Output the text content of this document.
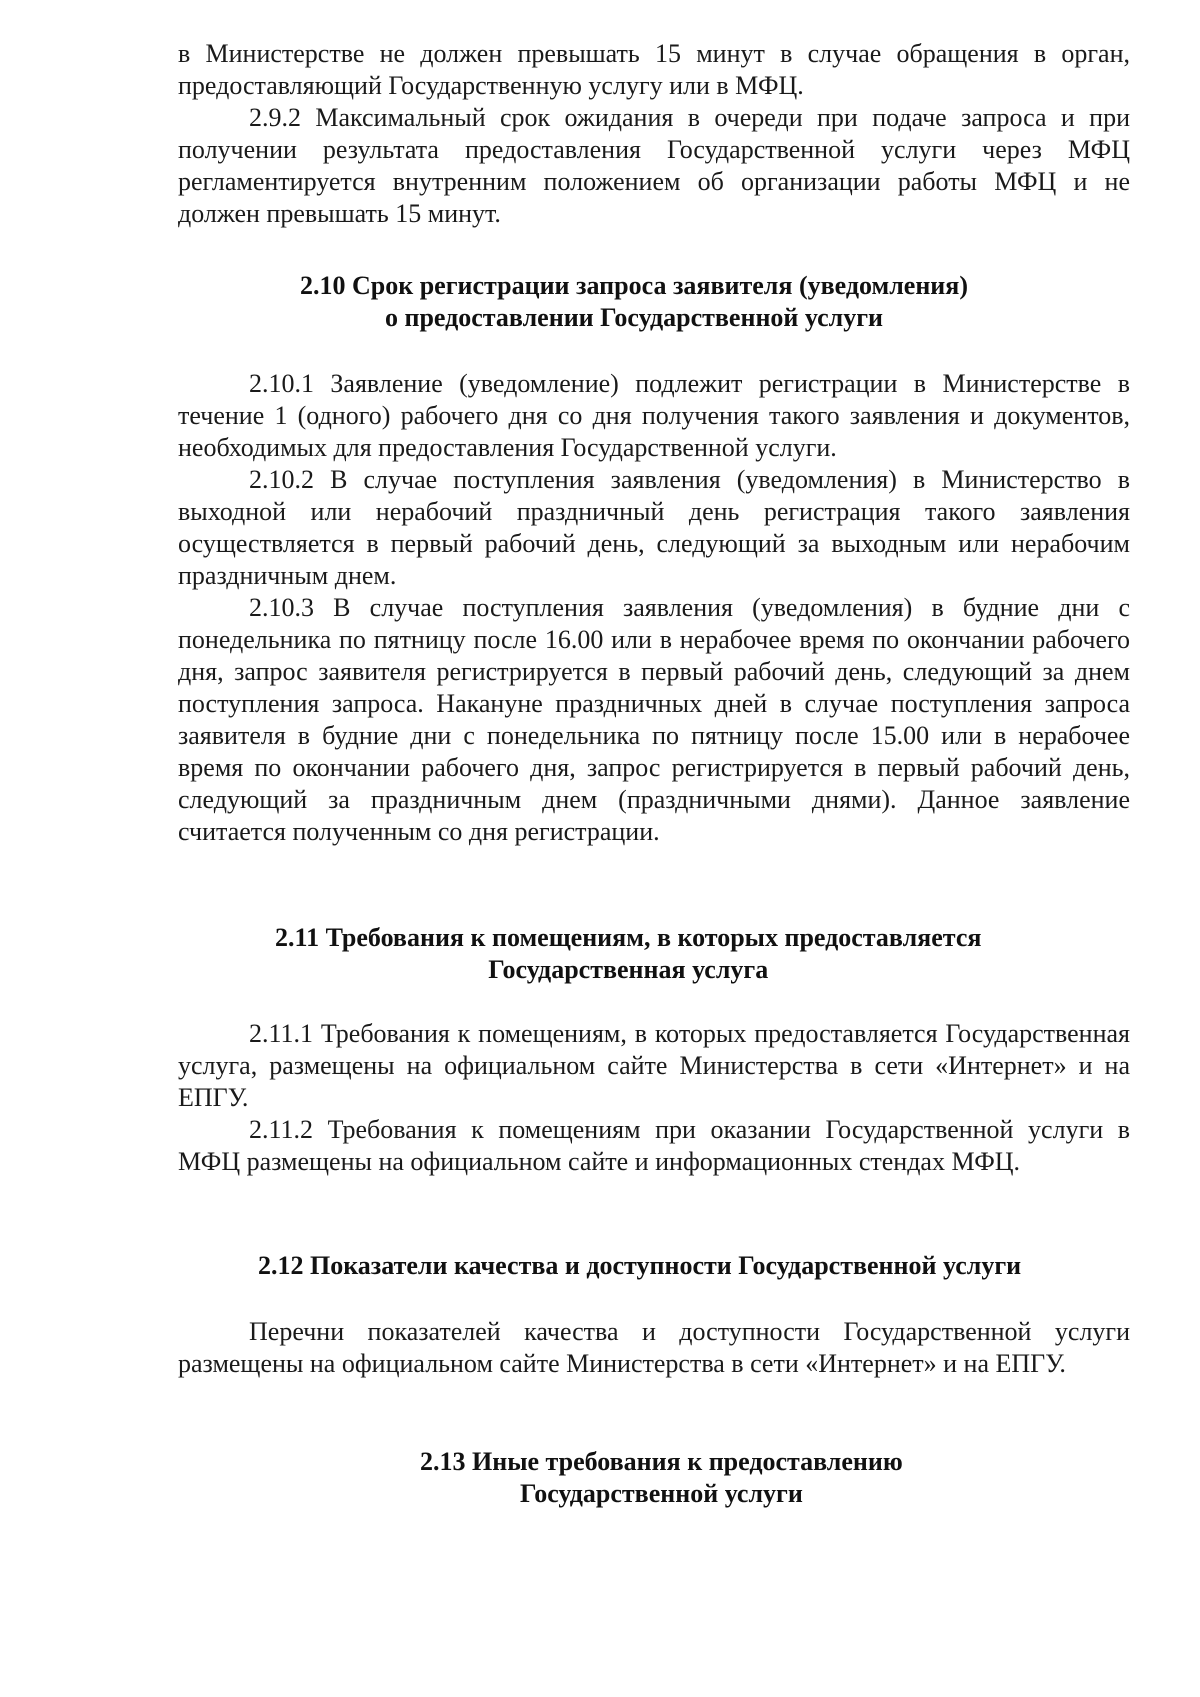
в Министерстве не должен превышать 15 минут в случае обращения в орган, предоставляющий Государственную услугу или в МФЦ.

2.9.2 Максимальный срок ожидания в очереди при подаче запроса и при получении результата предоставления Государственной услуги через МФЦ регламентируется внутренним положением об организации работы МФЦ и не должен превышать 15 минут.

2.10 Срок регистрации запроса заявителя (уведомления)
о предоставлении Государственной услуги

2.10.1 Заявление (уведомление) подлежит регистрации в Министерстве в течение 1 (одного) рабочего дня со дня получения такого заявления и документов, необходимых для предоставления Государственной услуги.

2.10.2 В случае поступления заявления (уведомления) в Министерство в выходной или нерабочий праздничный день регистрация такого заявления осуществляется в первый рабочий день, следующий за выходным или нерабочим праздничным днем.

2.10.3 В случае поступления заявления (уведомления) в будние дни с понедельника по пятницу после 16.00 или в нерабочее время по окончании рабочего дня, запрос заявителя регистрируется в первый рабочий день, следующий за днем поступления запроса. Накануне праздничных дней в случае поступления запроса заявителя в будние дни с понедельника по пятницу после 15.00 или в нерабочее время по окончании рабочего дня, запрос регистрируется в первый рабочий день, следующий за праздничным днем (праздничными днями). Данное заявление считается полученным со дня регистрации.

2.11 Требования к помещениям, в которых предоставляется
Государственная услуга

2.11.1 Требования к помещениям, в которых предоставляется Государственная услуга, размещены на официальном сайте Министерства в сети «Интернет» и на ЕПГУ.

2.11.2 Требования к помещениям при оказании Государственной услуги в МФЦ размещены на официальном сайте и информационных стендах МФЦ.

2.12 Показатели качества и доступности Государственной услуги

Перечни показателей качества и доступности Государственной услуги размещены на официальном сайте Министерства в сети «Интернет» и на ЕПГУ.

2.13 Иные требования к предоставлению
Государственной услуги
